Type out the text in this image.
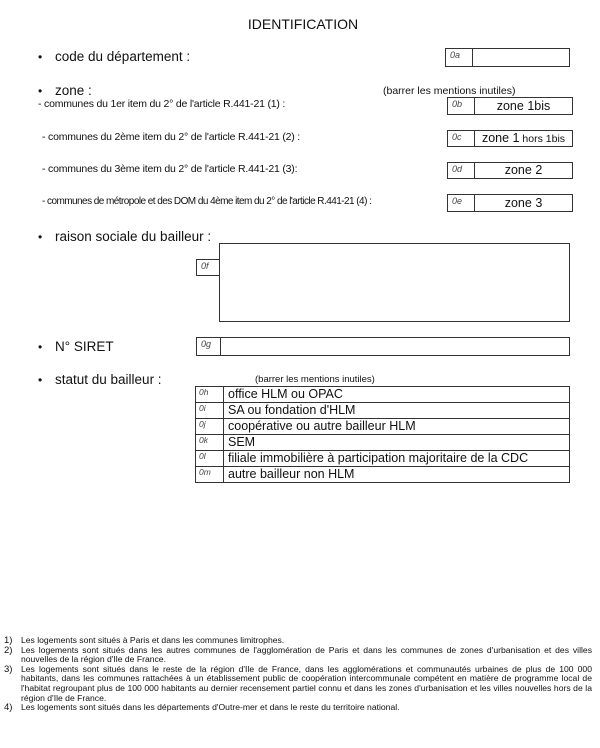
IDENTIFICATION
• code du département :	0a
• zone :	(barrer les mentions inutiles)
- communes du 1er item du 2° de l'article R.441-21 (1) :	0b	zone 1bis
- communes du 2ème item du 2° de l'article R.441-21 (2) :	0c	zone 1 hors 1bis
- communes du 3ème item du 2° de l'article R.441-21 (3):	0d	zone 2
- communes de métropole et des DOM du 4ème item du 2° de l'article R.441-21 (4) :	0e	zone 3
• raison sociale du bailleur :
0f
• N° SIRET	0g
• statut du bailleur :	(barrer les mentions inutiles)
0h	office HLM ou OPAC
0i	SA ou fondation d'HLM
0j	coopérative ou autre bailleur HLM
0k	SEM
0l	filiale immobilière à participation majoritaire de la CDC
0m	autre bailleur non HLM
1) Les logements sont situés à Paris et dans les communes limitrophes.
2) Les logements sont situés dans les autres communes de l'agglomération de Paris et dans les communes de zones d'urbanisation et des villes nouvelles de la région d'Ile de France.
3) Les logements sont situés dans le reste de la région d'Ile de France, dans les agglomérations et communautés urbaines de plus de 100 000 habitants, dans les communes rattachées à un établissement public de coopération intercommunale compétent en matière de programme local de l'habitat regroupant plus de 100 000 habitants au dernier recensement partiel connu et dans les zones d'urbanisation et les villes nouvelles hors de la région d'Ile de France.
4) Les logements sont situés dans les départements d'Outre-mer et dans le reste du territoire national.
